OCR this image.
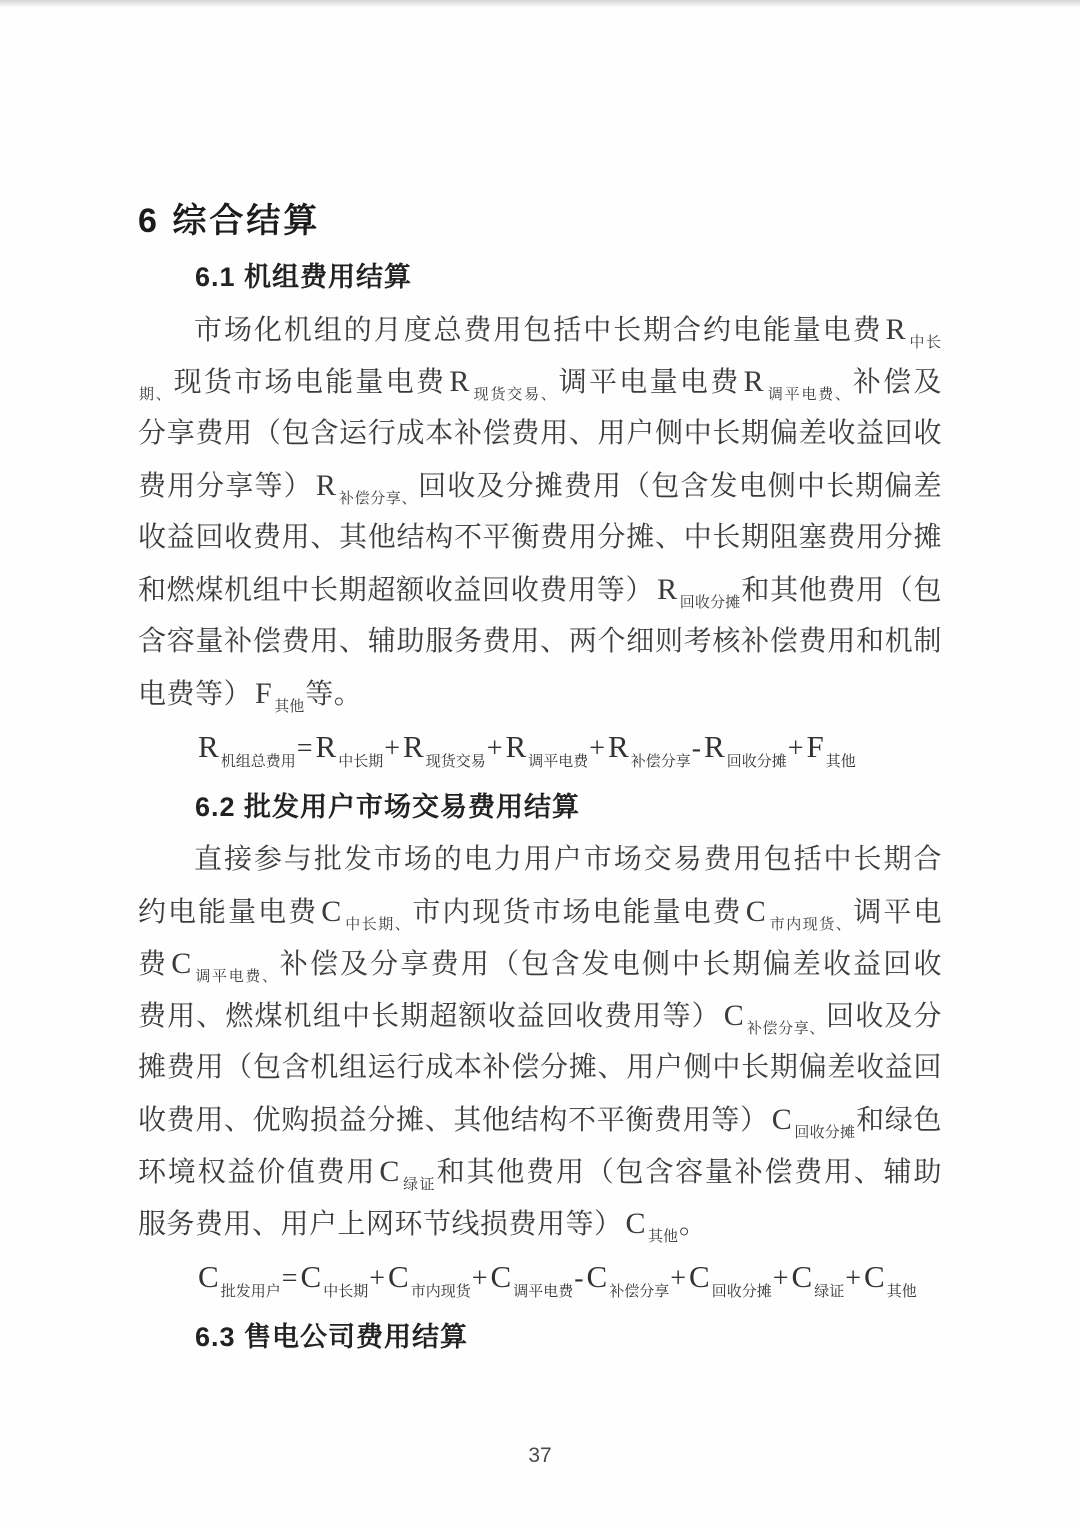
6 综合结算
6.1 机组费用结算
市场化机组的月度总费用包括中长期合约电能量电费 R $_{中长}$
$_{期、}$现货市场电能量电费 R $_{现货交易、}$调平电量电费 R $_{调平电费、}$补偿及
分享费用（包含运行成本补偿费用、用户侧中长期偏差收益回收
费用分享等） R $_{补偿分享、}$回收及分摊费用（包含发电侧中长期偏差
收益回收费用、其他结构不平衡费用分摊、中长期阻塞费用分摊
和燃煤机组中长期超额收益回收费用等） R $_{回收分摊}$和其他费用（包
含容量补偿费用、辅助服务费用、两个细则考核补偿费用和机制
电费等） F $_{其他}$等。
R $_{机组总费用}$=R $_{中长期}$+R $_{现货交易}$+R $_{调平电费}$+R $_{补偿分享}$-R $_{回收分摊}$+F $_{其他}$
6.2 批发用户市场交易费用结算
直接参与批发市场的电力用户市场交易费用包括中长期合
约电能量电费 C $_{中长期、}$市内现货市场电能量电费 C $_{市内现货、}$调平电
费 C $_{调平电费、}$补偿及分享费用（包含发电侧中长期偏差收益回收
费用、燃煤机组中长期超额收益回收费用等） C $_{补偿分享、}$回收及分
摊费用（包含机组运行成本补偿分摊、用户侧中长期偏差收益回
收费用、优购损益分摊、其他结构不平衡费用等） C $_{回收分摊}$和绿色
环境权益价值费用 C $_{绿证}$和其他费用（包含容量补偿费用、辅助
服务费用、用户上网环节线损费用等） C $_{其他}$。
C $_{批发用户}$=C $_{中长期}$+C $_{市内现货}$+C $_{调平电费}$-C $_{补偿分享}$+C $_{回收分摊}$+C $_{绿证}$+C $_{其他}$
6.3 售电公司费用结算
37
